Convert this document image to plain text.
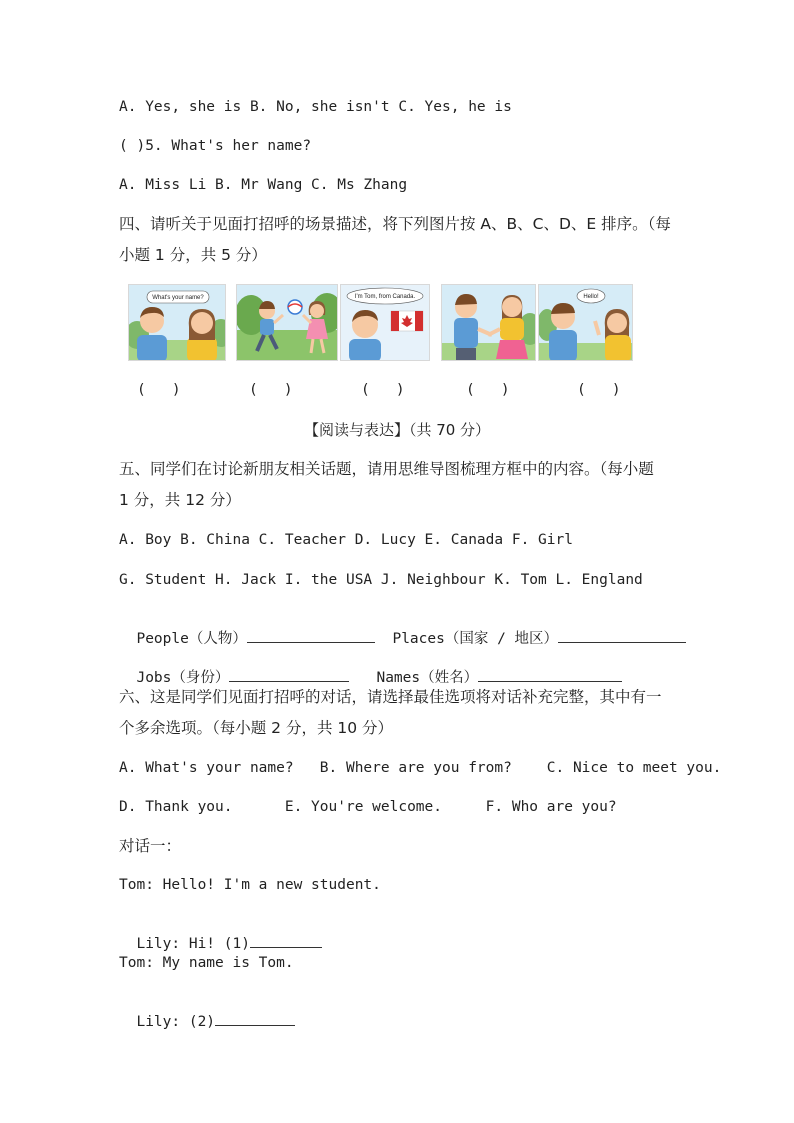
A. Yes, she is B. No, she isn't C. Yes, he is
( )5. What's her name?
A. Miss Li B. Mr Wang C. Ms Zhang
四、请听关于见面打招呼的场景描述，将下列图片按 A、B、C、D、E 排序。（每
小题 1 分，共 5 分）
What's your name?	I'm Tom, from Canada.	Hello!
(   )	(   )	(   )	(   )	(   )
【阅读与表达】（共 70 分）
五、同学们在讨论新朋友相关话题，请用思维导图梳理方框中的内容。（每小题
1 分，共 12 分）
A. Boy B. China C. Teacher D. Lucy E. Canada F. Girl
G. Student H. Jack I. the USA J. Neighbour K. Tom L. England

People（人物）	Places（国家 / 地区）

Jobs（身份）	Names（姓名）

六、这是同学们见面打招呼的对话，请选择最佳选项将对话补充完整，其中有一
个多余选项。（每小题 2 分，共 10 分）
A. What's your name?   B. Where are you from?    C. Nice to meet you.
D. Thank you.      E. You're welcome.     F. Who are you?
对话一：
Tom: Hello! I'm a new student.

Lily: Hi! (1)

Tom: My name is Tom.

Lily: (2)
